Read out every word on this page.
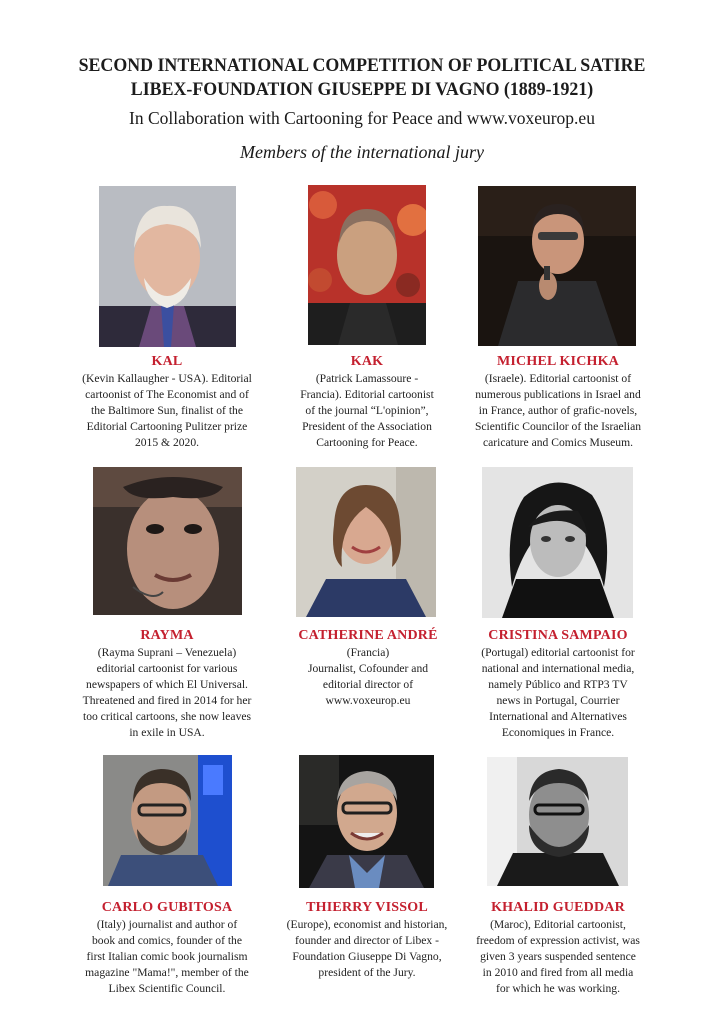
SECOND INTERNATIONAL COMPETITION OF POLITICAL SATIRE
LIBEX-FOUNDATION GIUSEPPE DI VAGNO (1889-1921)
In Collaboration with Cartooning for Peace and www.voxeurop.eu
Members of the international jury
KAL
(Kevin Kallaugher - USA). Editorial
cartoonist of The Economist and of
the Baltimore Sun, finalist of the
Editorial Cartooning Pulitzer prize
2015 & 2020.
KAK
(Patrick Lamassoure -
Francia). Editorial cartoonist
of the journal “L'opinion”,
President of the Association
Cartooning for Peace.
MICHEL KICHKA
(Israele). Editorial cartoonist of
numerous publications in Israel and
in France, author of grafic-novels,
Scientific Councilor of the Israelian
caricature and Comics Museum.
RAYMA
(Rayma Suprani – Venezuela)
editorial cartoonist for various
newspapers of which El Universal.
Threatened and fired in 2014 for her
too critical cartoons, she now leaves
in exile in USA.
CATHERINE ANDRÉ
(Francia)
Journalist, Cofounder and
editorial director of
www.voxeurop.eu
CRISTINA SAMPAIO
(Portugal) editorial cartoonist for
national and international media,
namely Público and RTP3 TV
news in Portugal, Courrier
International and Alternatives
Economiques in France.
CARLO GUBITOSA
(Italy) journalist and author of
book and comics, founder of the
first Italian comic book journalism
magazine "Mama!", member of the
Libex Scientific Council.
THIERRY VISSOL
(Europe), economist and historian,
founder and director of Libex -
Foundation Giuseppe Di Vagno,
president of the Jury.
KHALID GUEDDAR
(Maroc), Editorial cartoonist,
freedom of expression activist, was
given 3 years suspended sentence
in 2010 and fired from all media
for which he was working.
